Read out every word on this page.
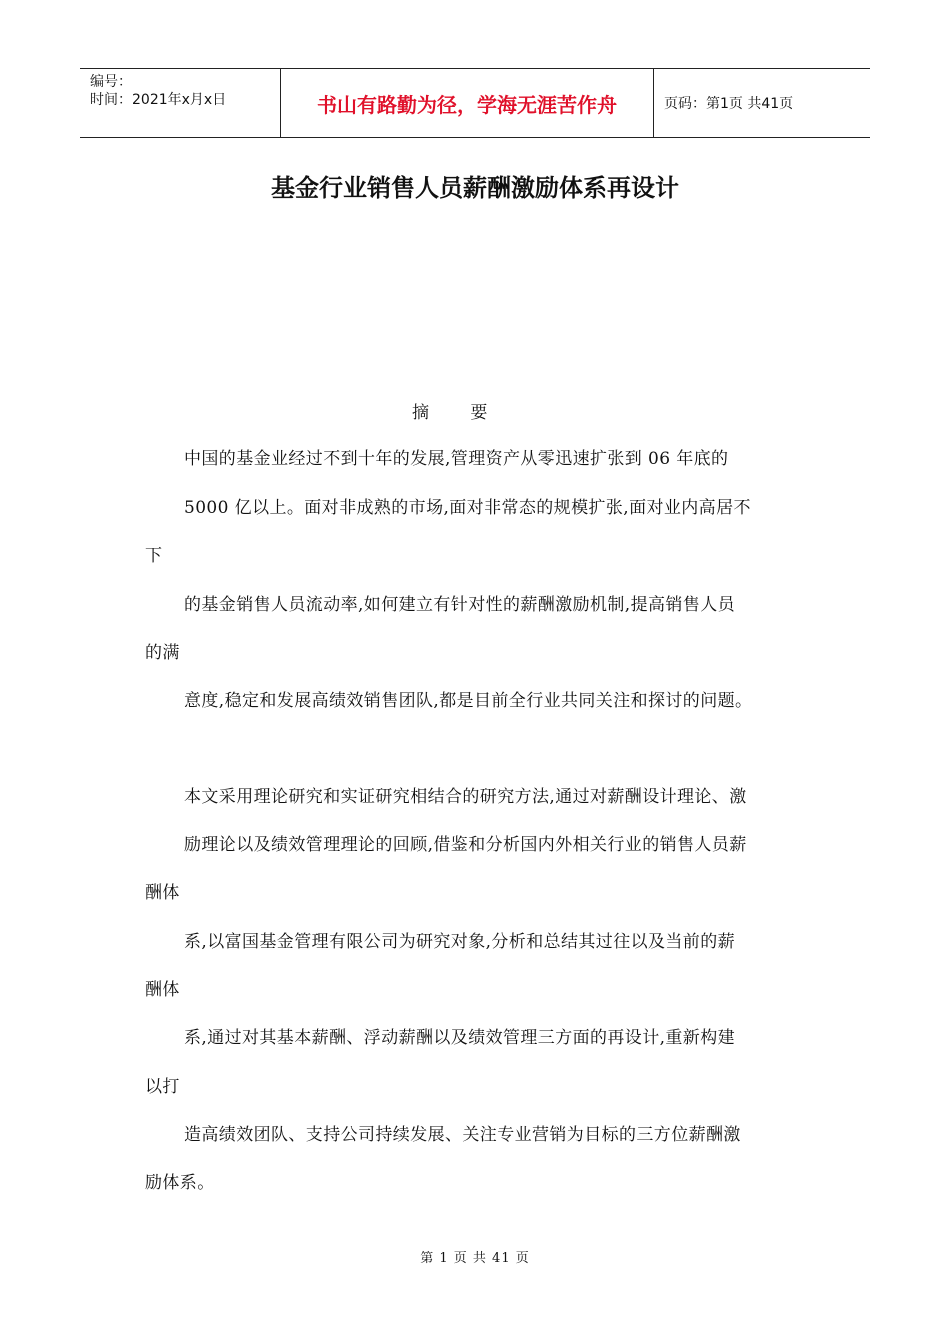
编号：
时间：2021年x月x日	书山有路勤为径，学海无涯苦作舟	页码：第1页 共41页
基金行业销售人员薪酬激励体系再设计
摘 要
中国的基金业经过不到十年的发展,管理资产从零迅速扩张到 06 年底的
5000 亿以上。面对非成熟的市场,面对非常态的规模扩张,面对业内高居不
下
的基金销售人员流动率,如何建立有针对性的薪酬激励机制,提高销售人员
的满
意度,稳定和发展高绩效销售团队,都是目前全行业共同关注和探讨的问题。
本文采用理论研究和实证研究相结合的研究方法,通过对薪酬设计理论、激
励理论以及绩效管理理论的回顾,借鉴和分析国内外相关行业的销售人员薪
酬体
系,以富国基金管理有限公司为研究对象,分析和总结其过往以及当前的薪
酬体
系,通过对其基本薪酬、浮动薪酬以及绩效管理三方面的再设计,重新构建
以打
造高绩效团队、支持公司持续发展、关注专业营销为目标的三方位薪酬激
励体系。
第 1 页 共 41 页
